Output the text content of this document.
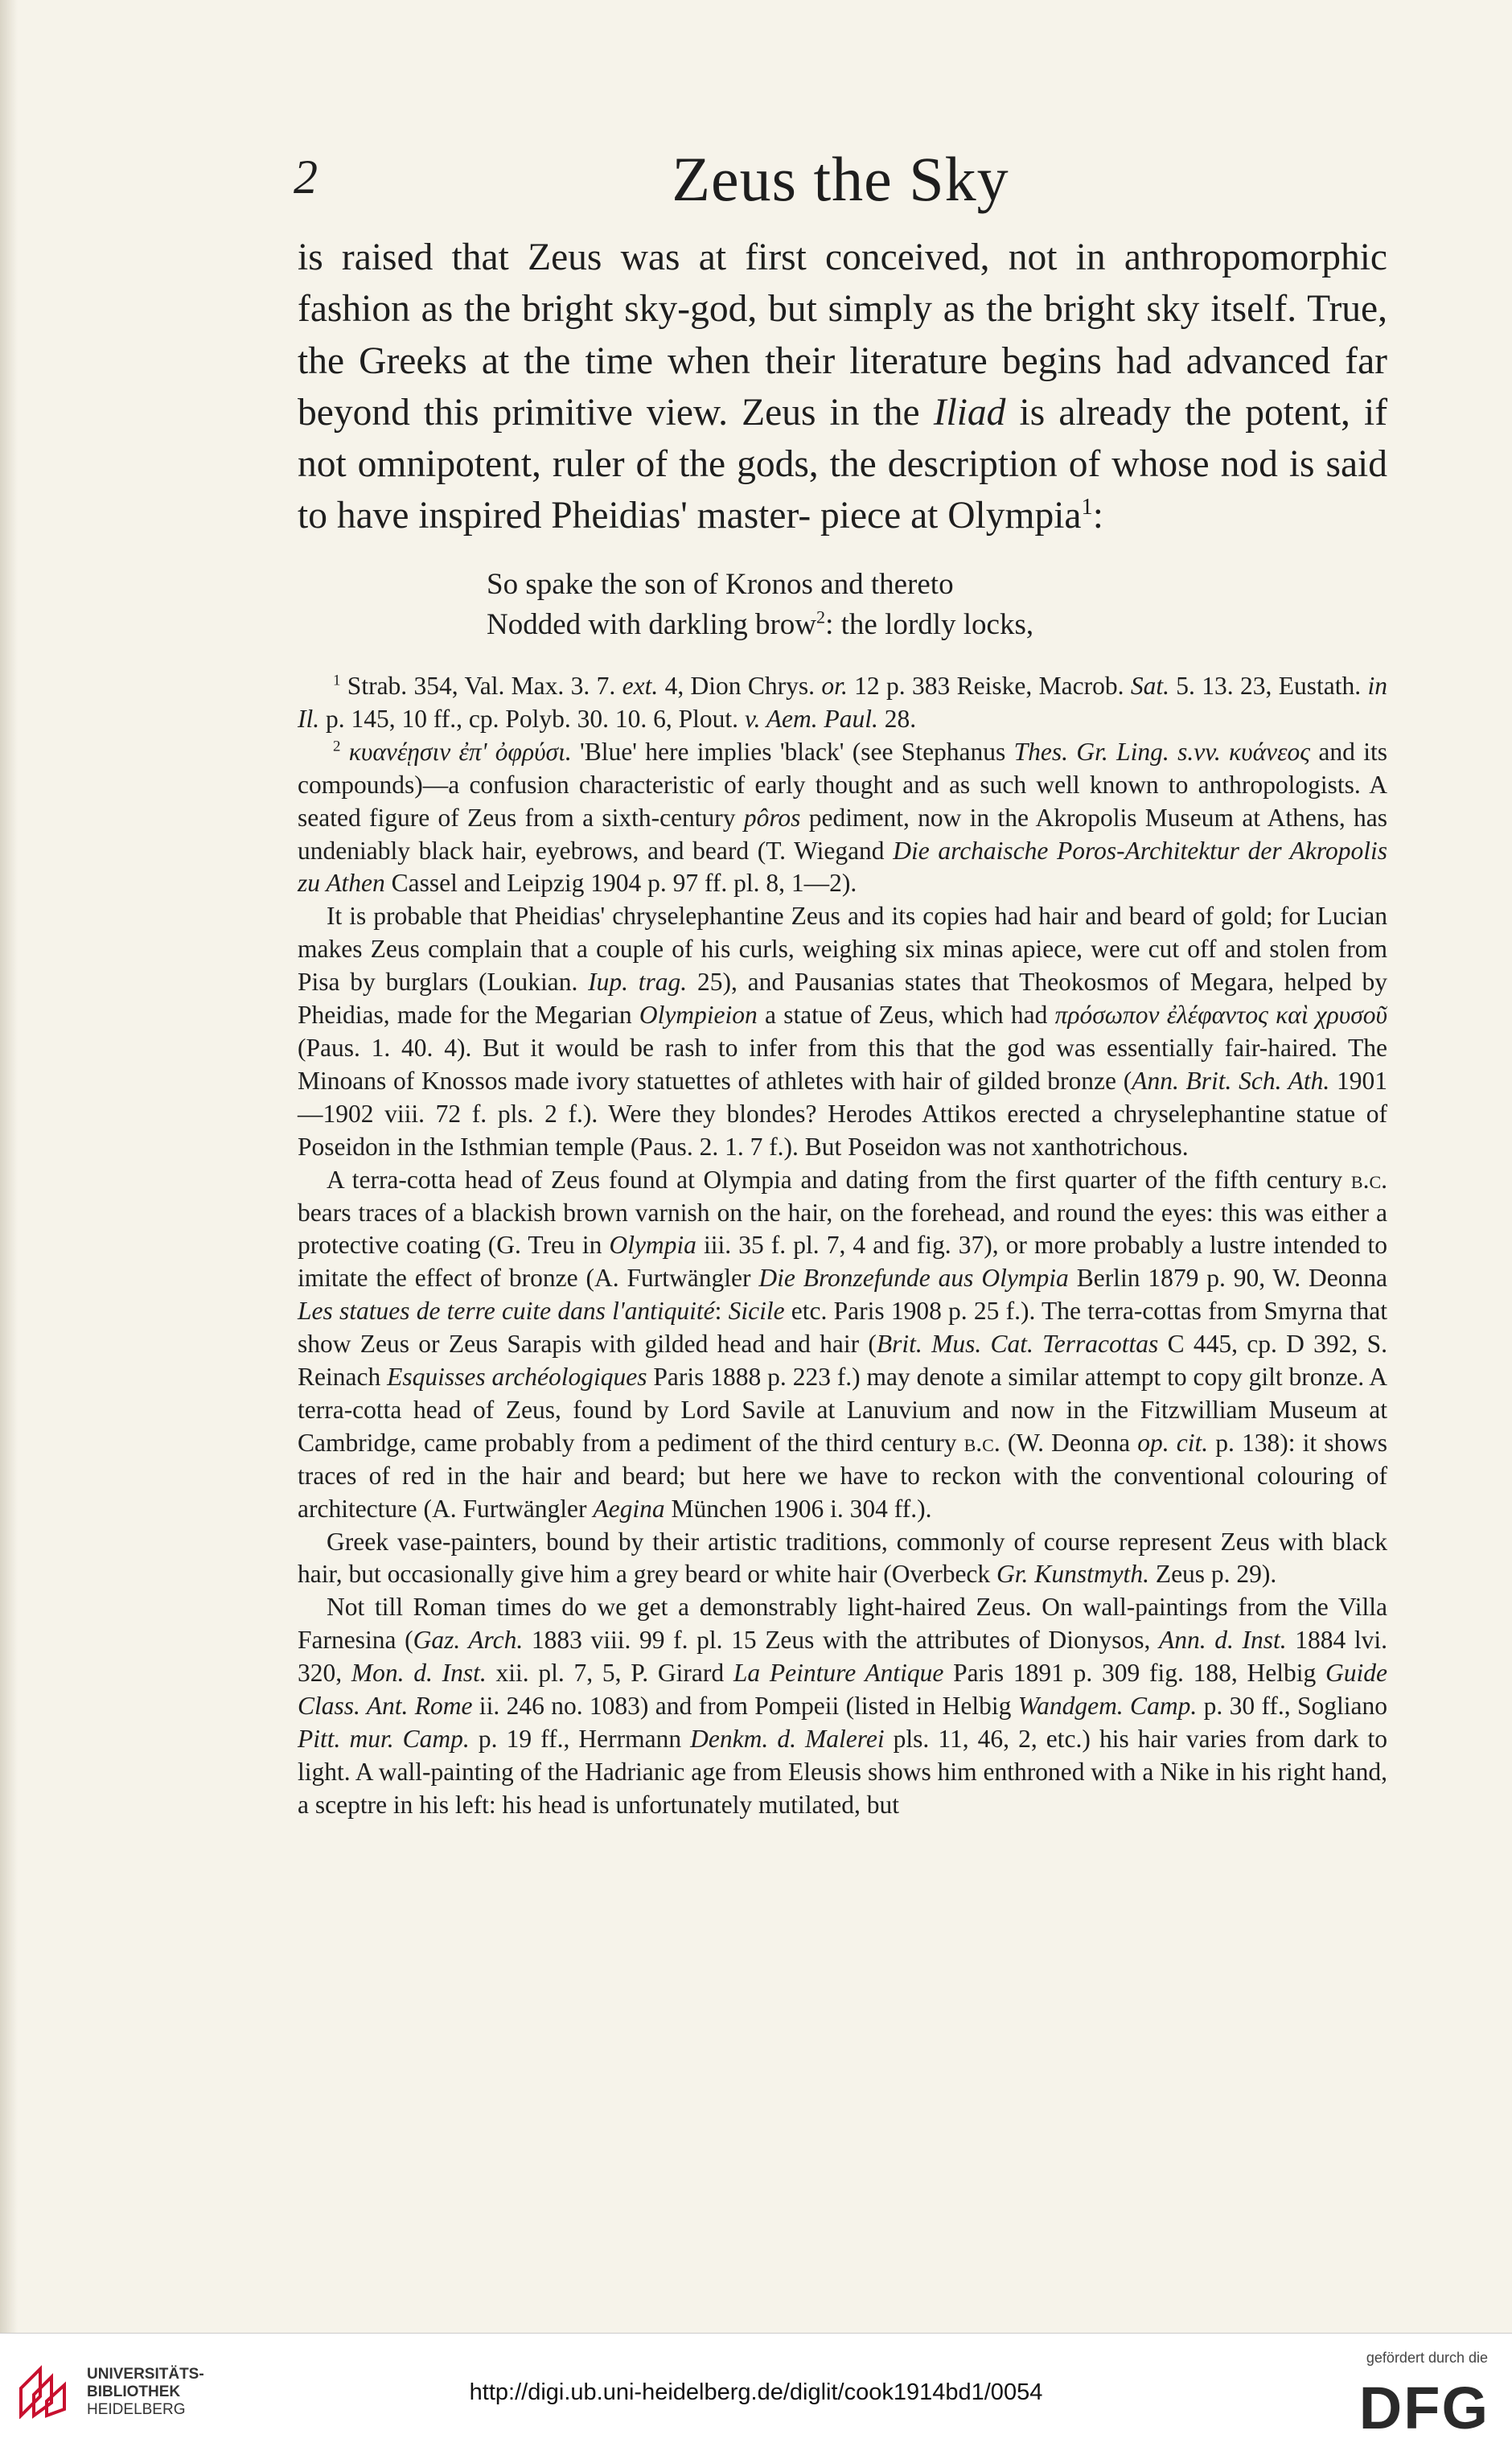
2	Zeus the Sky

is raised that Zeus was at first conceived, not in anthropomorphic fashion as the bright sky-god, but simply as the bright sky itself. True, the Greeks at the time when their literature begins had advanced far beyond this primitive view. Zeus in the Iliad is already the potent, if not omnipotent, ruler of the gods, the description of whose nod is said to have inspired Pheidias' master- piece at Olympia$^1$:

So spake the son of Kronos and thereto
Nodded with darkling brow$^2$: the lordly locks,

$^1$ Strab. 354, Val. Max. 3. 7. ext. 4, Dion Chrys. or. 12 p. 383 Reiske, Macrob. Sat. 5. 13. 23, Eustath. in Il. p. 145, 10 ff., cp. Polyb. 30. 10. 6, Plout. v. Aem. Paul. 28.

$^2$ κυανέῃσιν ἐπ' ὀφρύσι. 'Blue' here implies 'black' (see Stephanus Thes. Gr. Ling. s.vv. κυάνεος and its compounds)—a confusion characteristic of early thought and as such well known to anthropologists. A seated figure of Zeus from a sixth-century pôros pediment, now in the Akropolis Museum at Athens, has undeniably black hair, eyebrows, and beard (T. Wiegand Die archaische Poros-Architektur der Akropolis zu Athen Cassel and Leipzig 1904 p. 97 ff. pl. 8, 1—2).

It is probable that Pheidias' chryselephantine Zeus and its copies had hair and beard of gold; for Lucian makes Zeus complain that a couple of his curls, weighing six minas apiece, were cut off and stolen from Pisa by burglars (Loukian. Iup. trag. 25), and Pausanias states that Theokosmos of Megara, helped by Pheidias, made for the Megarian Olympieion a statue of Zeus, which had πρόσωπον ἐλέφαντος καὶ χρυσοῦ (Paus. 1. 40. 4). But it would be rash to infer from this that the god was essentially fair-haired. The Minoans of Knossos made ivory statuettes of athletes with hair of gilded bronze (Ann. Brit. Sch. Ath. 1901—1902 viii. 72 f. pls. 2 f.). Were they blondes? Herodes Attikos erected a chryselephantine statue of Poseidon in the Isthmian temple (Paus. 2. 1. 7 f.). But Poseidon was not xanthotrichous.

A terra-cotta head of Zeus found at Olympia and dating from the first quarter of the fifth century b.c. bears traces of a blackish brown varnish on the hair, on the forehead, and round the eyes: this was either a protective coating (G. Treu in Olympia iii. 35 f. pl. 7, 4 and fig. 37), or more probably a lustre intended to imitate the effect of bronze (A. Furtwängler Die Bronzefunde aus Olympia Berlin 1879 p. 90, W. Deonna Les statues de terre cuite dans l'antiquité: Sicile etc. Paris 1908 p. 25 f.). The terra-cottas from Smyrna that show Zeus or Zeus Sarapis with gilded head and hair (Brit. Mus. Cat. Terracottas C 445, cp. D 392, S. Reinach Esquisses archéologiques Paris 1888 p. 223 f.) may denote a similar attempt to copy gilt bronze. A terra-cotta head of Zeus, found by Lord Savile at Lanuvium and now in the Fitzwilliam Museum at Cambridge, came probably from a pediment of the third century b.c. (W. Deonna op. cit. p. 138): it shows traces of red in the hair and beard; but here we have to reckon with the conventional colouring of architecture (A. Furtwängler Aegina München 1906 i. 304 ff.).

Greek vase-painters, bound by their artistic traditions, commonly of course represent Zeus with black hair, but occasionally give him a grey beard or white hair (Overbeck Gr. Kunstmyth. Zeus p. 29).

Not till Roman times do we get a demonstrably light-haired Zeus. On wall-paintings from the Villa Farnesina (Gaz. Arch. 1883 viii. 99 f. pl. 15 Zeus with the attributes of Dionysos, Ann. d. Inst. 1884 lvi. 320, Mon. d. Inst. xii. pl. 7, 5, P. Girard La Peinture Antique Paris 1891 p. 309 fig. 188, Helbig Guide Class. Ant. Rome ii. 246 no. 1083) and from Pompeii (listed in Helbig Wandgem. Camp. p. 30 ff., Sogliano Pitt. mur. Camp. p. 19 ff., Herrmann Denkm. d. Malerei pls. 11, 46, 2, etc.) his hair varies from dark to light. A wall-painting of the Hadrianic age from Eleusis shows him enthroned with a Nike in his right hand, a sceptre in his left: his head is unfortunately mutilated, but

UNIVERSITÄTS-
BIBLIOTHEK
HEIDELBERG
http://digi.ub.uni-heidelberg.de/diglit/cook1914bd1/0054
gefördert durch die
DFG
